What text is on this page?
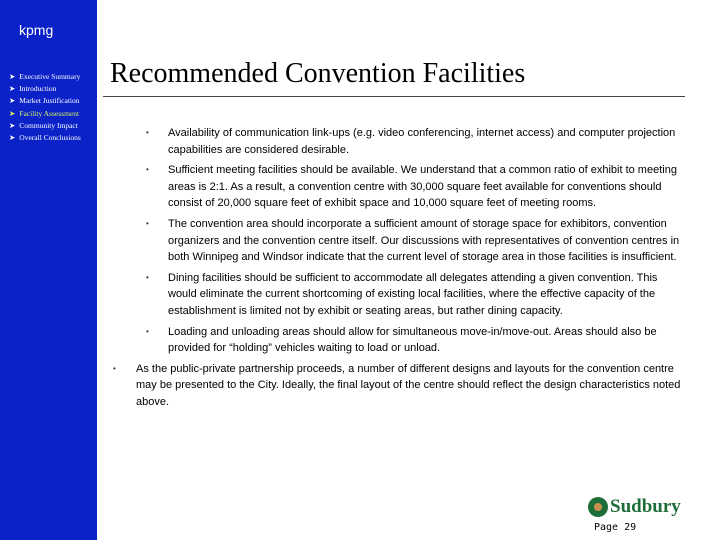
kpmg
➤ Executive Summary
➤ Introduction
➤ Market Justification
➤ Facility Assessment
➤ Community Impact
➤ Overall Conclusions
Recommended Convention Facilities
• Availability of communication link-ups (e.g. video conferencing, internet access) and computer projection capabilities are considered desirable.
• Sufficient meeting facilities should be available. We understand that a common ratio of exhibit to meeting areas is 2:1. As a result, a convention centre with 30,000 square feet available for conventions should consist of 20,000 square feet of exhibit space and 10,000 square feet of meeting rooms.
• The convention area should incorporate a sufficient amount of storage space for exhibitors, convention organizers and the convention centre itself. Our discussions with representatives of convention centres in both Winnipeg and Windsor indicate that the current level of storage area in those facilities is insufficient.
• Dining facilities should be sufficient to accommodate all delegates attending a given convention. This would eliminate the current shortcoming of existing local facilities, where the effective capacity of the establishment is limited not by exhibit or seating areas, but rather dining capacity.
• Loading and unloading areas should allow for simultaneous move-in/move-out. Areas should also be provided for “holding” vehicles waiting to load or unload.
• As the public-private partnership proceeds, a number of different designs and layouts for the convention centre may be presented to the City. Ideally, the final layout of the centre should reflect the design characteristics noted above.
Sudbury
Page 29
